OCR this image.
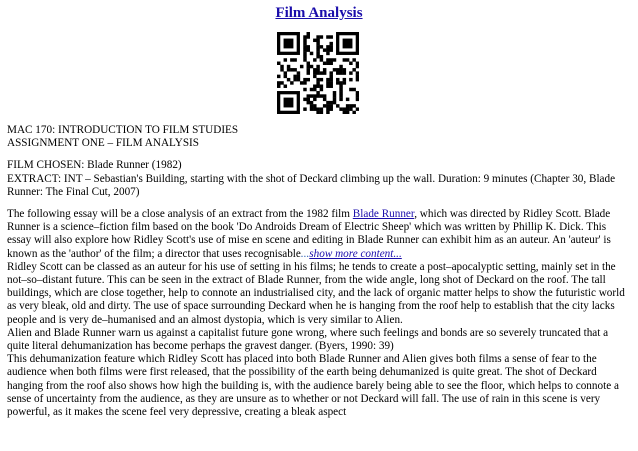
Film Analysis

MAC 170: INTRODUCTION TO FILM STUDIES

ASSIGNMENT ONE – FILM ANALYSIS

FILM CHOSEN: Blade Runner (1982)

EXTRACT: INT – Sebastian's Building, starting with the shot of Deckard climbing up the wall. Duration: 9 minutes (Chapter 30, Blade Runner: The Final Cut, 2007)

The following essay will be a close analysis of an extract from the 1982 film Blade Runner, which was directed by Ridley Scott. Blade Runner is a science–fiction film based on the book 'Do Androids Dream of Electric Sheep' which was written by Phillip K. Dick. This essay will also explore how Ridley Scott's use of mise en scene and editing in Blade Runner can exhibit him as an auteur. An 'auteur' is known as the 'author' of the film; a director that uses recognisable...show more content...

Ridley Scott can be classed as an auteur for his use of setting in his films; he tends to create a post–apocalyptic setting, mainly set in the not–so–distant future. This can be seen in the extract of Blade Runner, from the wide angle, long shot of Deckard on the roof. The tall buildings, which are close together, help to connote an industrialised city, and the lack of organic matter helps to show the futuristic world as very bleak, old and dirty. The use of space surrounding Deckard when he is hanging from the roof help to establish that the city lacks people and is very de–humanised and an almost dystopia, which is very similar to Alien.

Alien and Blade Runner warn us against a capitalist future gone wrong, where such feelings and bonds are so severely truncated that a quite literal dehumanization has become perhaps the gravest danger. (Byers, 1990: 39)

This dehumanization feature which Ridley Scott has placed into both Blade Runner and Alien gives both films a sense of fear to the audience when both films were first released, that the possibility of the earth being dehumanized is quite great. The shot of Deckard hanging from the roof also shows how high the building is, with the audience barely being able to see the floor, which helps to connote a sense of uncertainty from the audience, as they are unsure as to whether or not Deckard will fall. The use of rain in this scene is very powerful, as it makes the scene feel very depressive, creating a bleak aspect
